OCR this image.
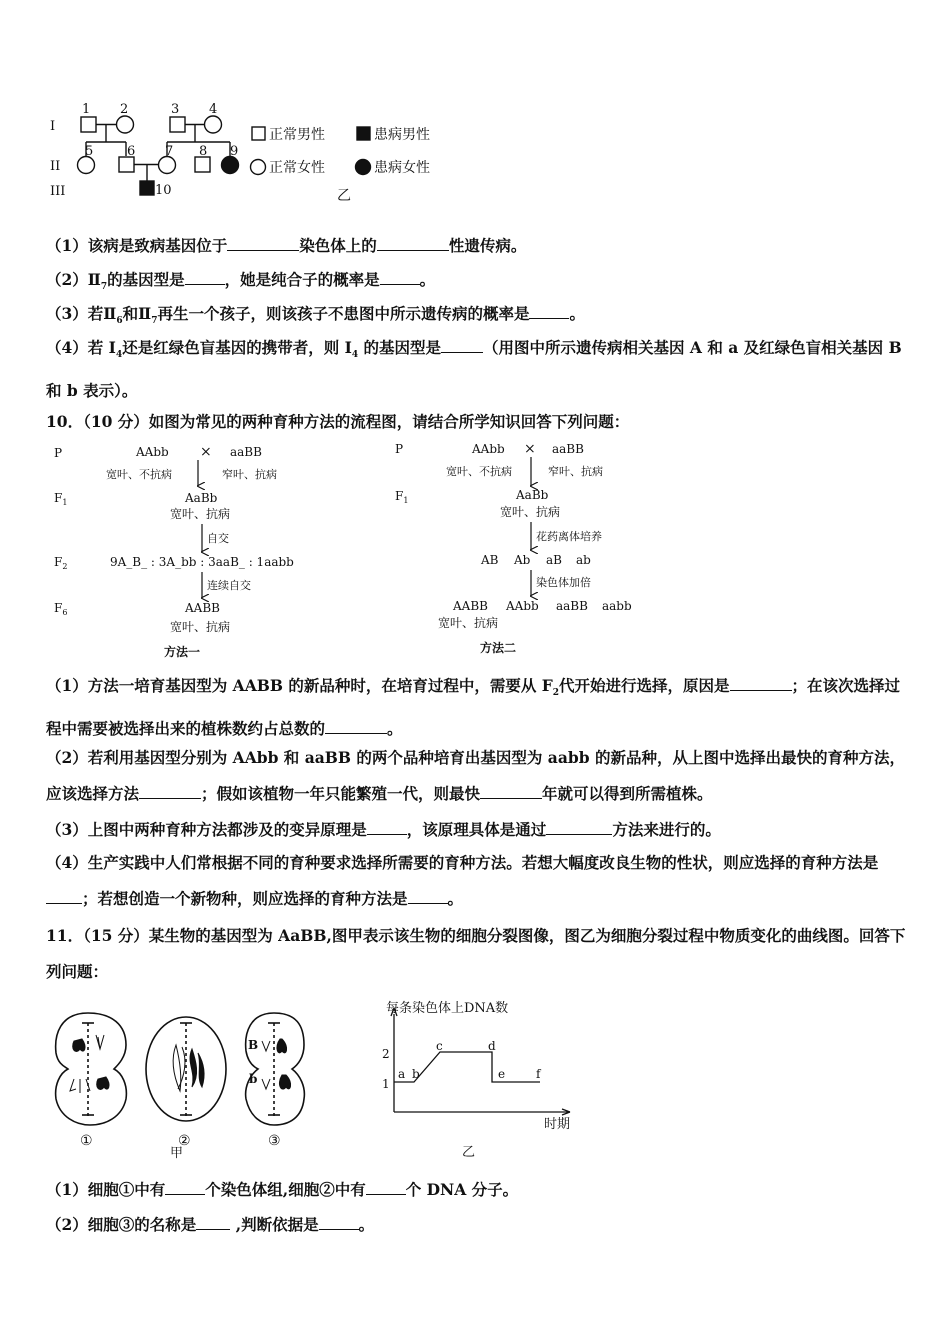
I
II
III
1 2	3 4
5	6 7 8 9
10
正常男性	患病男性
正常女性	患病女性
乙
（1）该病是致病基因位于	染色体上的	性遗传病。
$(2)Ⅱ_7$的基因型是	，她是纯合子的概率是	。
（3）若$Ⅱ_6$和$Ⅱ_7$再生一个孩子，则该孩子不患图中所示遗传病的概率是	。
（4）若 $I_4$还是红绿色盲基因的携带者，则 $I_4$ 的基因型是	（用图中所示遗传病相关基因 A 和 a 及红绿色盲相关基因 B 和 b 表示）。
10．（10 分）如图为常见的两种育种方法的流程图，请结合所学知识回答下列问题：
P
$F_1$
$F_2$
$F_6$
AAbb × aaBB
宽叶、不抗病	窄叶、抗病
AaBb
宽叶、抗病
自交
9A_B_ : 3A_bb : 3aaB_ : 1aabb
连续自交
AABB
宽叶、抗病
方法一
P
$F_1$
AAbb × aaBB
宽叶、不抗病	窄叶、抗病
AaBb
宽叶、抗病
花药离体培养
AB Ab aB ab
染色体加倍
AABB AAbb aaBB aabb
宽叶、抗病
方法二
（1）方法一培育基因型为 AABB 的新品种时，在培育过程中，需要从 $F_2$代开始进行选择，原因是	；在该次选择过程中需要被选择出来的植株数约占总数的	。
（2）若利用基因型分别为 AAbb 和 aaBB 的两个品种培育出基因型为 aabb 的新品种，从上图中选择出最快的育种方法，应该选择方法	；假如该植物一年只能繁殖一代，则最快	年就可以得到所需植株。
（3）上图中两种育种方法都涉及的变异原理是	，该原理具体是通过	方法来进行的。
（4）生产实践中人们常根据不同的育种要求选择所需要的育种方法。若想大幅度改良生物的性状，则应选择的育种方法是；若想创造一个新物种，则应选择的育种方法是	。
11．（15 分）某生物的基因型为 AaBB,图甲表示该生物的细胞分裂图像，图乙为细胞分裂过程中物质变化的曲线图。回答下列问题：
B
b
①	②	③
甲
每条染色体上DNA数
1
2
a b
c	d
e	f
时期
乙
（1）细胞①中有	个染色体组,细胞②中有	个 DNA 分子。
（2）细胞③的名称是 ,判断依据是	。
